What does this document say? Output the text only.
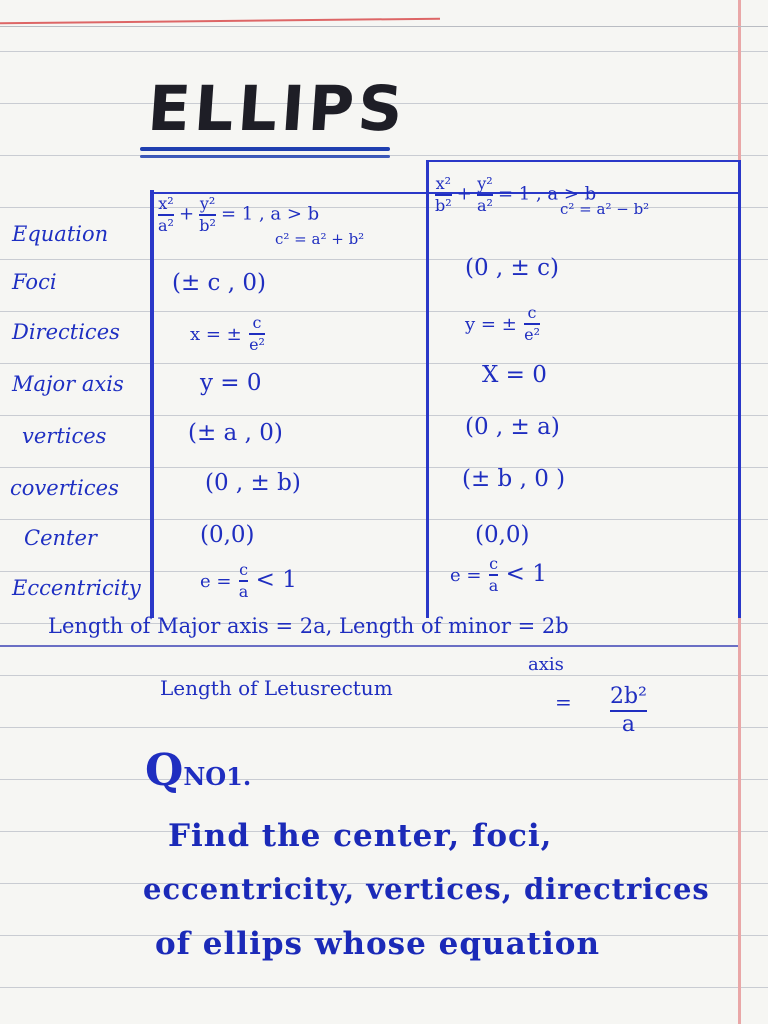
ELLIPS
Equation
Foci
Directices
Major axis
vertices
covertices
Center
Eccentricity
$\frac{\text{x²}}{\text{a²}} + \frac{\text{y²}}{\text{b²}} = 1$ , a > b
c² = a² + b²
(± c , 0)
x = ± $\frac{c}{\text{e²}}$
y = 0
(± a , 0)
(0 , ± b)
(0,0)
$e = \frac{c}{a} < 1$
$\frac{\text{x²}}{\text{b²}} + \frac{\text{y²}}{\text{a²}} = 1$ , a > b
c² = a² − b²
(0 , ± c)
y = ± $\frac{c}{\text{e²}}$
X = 0
(0 , ± a)
(± b , 0 )
(0,0)
$e = \frac{c}{a} < 1$
Length of Major axis = 2a, Length of minor = 2b
axis
Length of Letusrectum
= $\frac{\text{2b²}}{a}$
QNO1.
Find the center, foci,
eccentricity, vertices, directrices
of ellips whose equation
